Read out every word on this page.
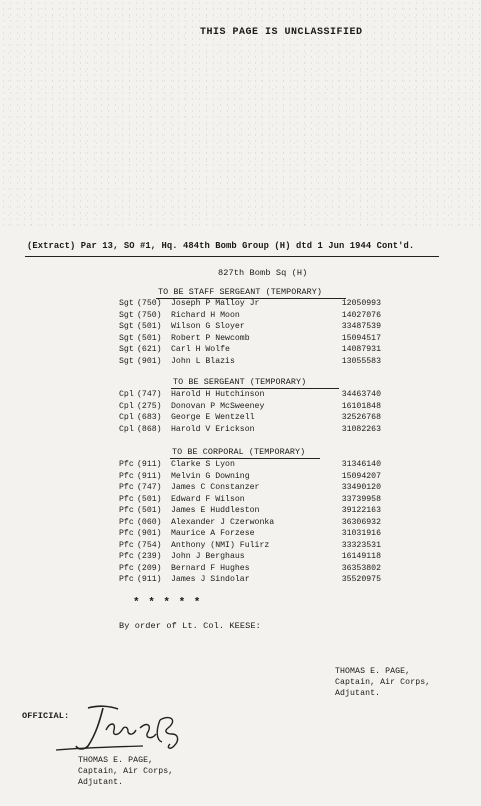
THIS PAGE IS UNCLASSIFIED
(Extract) Par 13, SO #1, Hq. 484th Bomb Group (H) dtd 1 Jun 1944 Cont'd.
827th Bomb Sq (H)
TO BE STAFF SERGEANT (TEMPORARY)
Sgt (750) Joseph P Malloy Jr	12050993
Sgt (750) Richard H Moon	14027076
Sgt (501) Wilson G Sloyer	33487539
Sgt (501) Robert P Newcomb	15094517
Sgt (621) Carl H Wolfe	14087931
Sgt (901) John L Blazis	13055583
TO BE SERGEANT (TEMPORARY)
Cpl (747) Harold H Hutchinson	34463740
Cpl (275) Donovan P McSweeney	16101848
Cpl (683) George E Wentzell	32526768
Cpl (868) Harold V Erickson	31082263
TO BE CORPORAL (TEMPORARY)
Pfc (911) Clarke S Lyon	31346140
Pfc (911) Melvin G Downing	15094207
Pfc (747) James C Constanzer	33490120
Pfc (501) Edward F Wilson	33739958
Pfc (501) James E Huddleston	39122163
Pfc (060) Alexander J Czerwonka	36306932
Pfc (901) Maurice A Forzese	31031916
Pfc (754) Anthony (NMI) Fulirz	33323531
Pfc (239) John J Berghaus	16149118
Pfc (209) Bernard F Hughes	36353802
Pfc (911) James J Sindolar	35520975
* * * * *
By order of Lt. Col. KEESE:
THOMAS E. PAGE,
Captain, Air Corps,
Adjutant.
OFFICIAL:
THOMAS E. PAGE,
Captain, Air Corps,
Adjutant.
